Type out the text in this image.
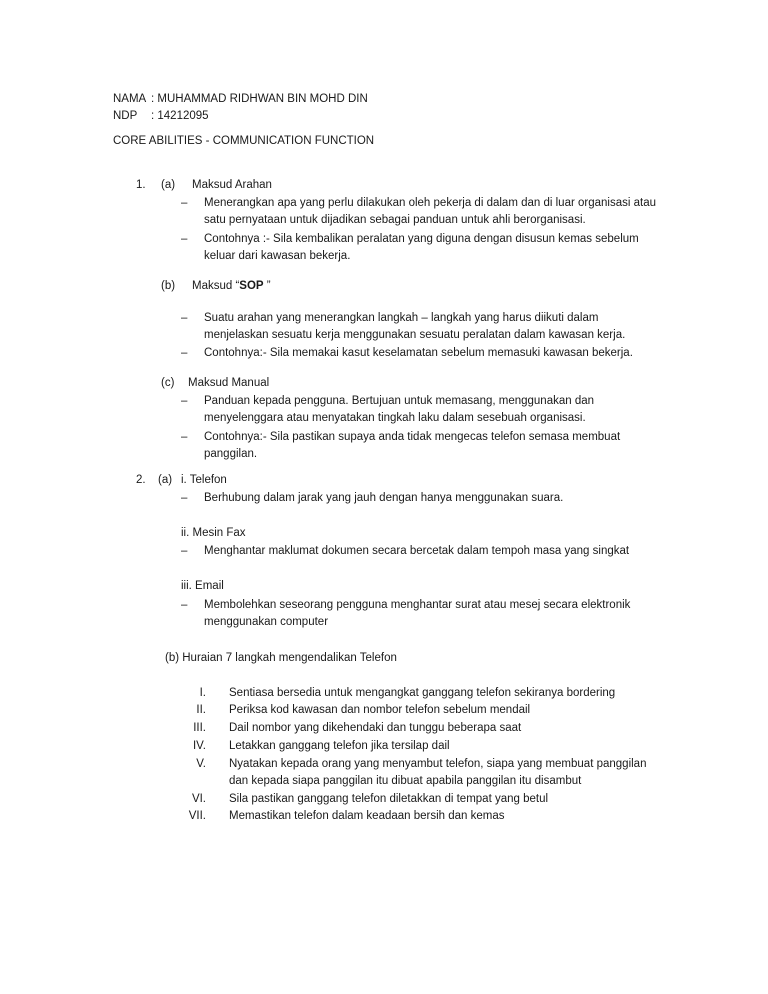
NAMA : MUHAMMAD RIDHWAN BIN MOHD DIN
NDP : 14212095
CORE ABILITIES - COMMUNICATION FUNCTION
1. (a) Maksud Arahan
– Menerangkan apa yang perlu dilakukan oleh pekerja di dalam dan di luar organisasi atau
satu pernyataan untuk dijadikan sebagai panduan untuk ahli berorganisasi.
– Contohnya :- Sila kembalikan peralatan yang diguna dengan disusun kemas sebelum
keluar dari kawasan bekerja.
(b) Maksud “SOP ”
– Suatu arahan yang menerangkan langkah – langkah yang harus diikuti dalam
menjelaskan sesuatu kerja menggunakan sesuatu peralatan dalam kawasan kerja.
– Contohnya:- Sila memakai kasut keselamatan sebelum memasuki kawasan bekerja.
(c) Maksud Manual
– Panduan kepada pengguna. Bertujuan untuk memasang, menggunakan dan
menyelenggara atau menyatakan tingkah laku dalam sesebuah organisasi.
– Contohnya:- Sila pastikan supaya anda tidak mengecas telefon semasa membuat
panggilan.
2. (a) i. Telefon
– Berhubung dalam jarak yang jauh dengan hanya menggunakan suara.
ii. Mesin Fax
– Menghantar maklumat dokumen secara bercetak dalam tempoh masa yang singkat
iii. Email
– Membolehkan seseorang pengguna menghantar surat atau mesej secara elektronik
menggunakan computer
(b) Huraian 7 langkah mengendalikan Telefon
I. Sentiasa bersedia untuk mengangkat ganggang telefon sekiranya bordering
II. Periksa kod kawasan dan nombor telefon sebelum mendail
III. Dail nombor yang dikehendaki dan tunggu beberapa saat
IV. Letakkan ganggang telefon jika tersilap dail
V. Nyatakan kepada orang yang menyambut telefon, siapa yang membuat panggilan
dan kepada siapa panggilan itu dibuat apabila panggilan itu disambut
VI. Sila pastikan ganggang telefon diletakkan di tempat yang betul
VII. Memastikan telefon dalam keadaan bersih dan kemas
